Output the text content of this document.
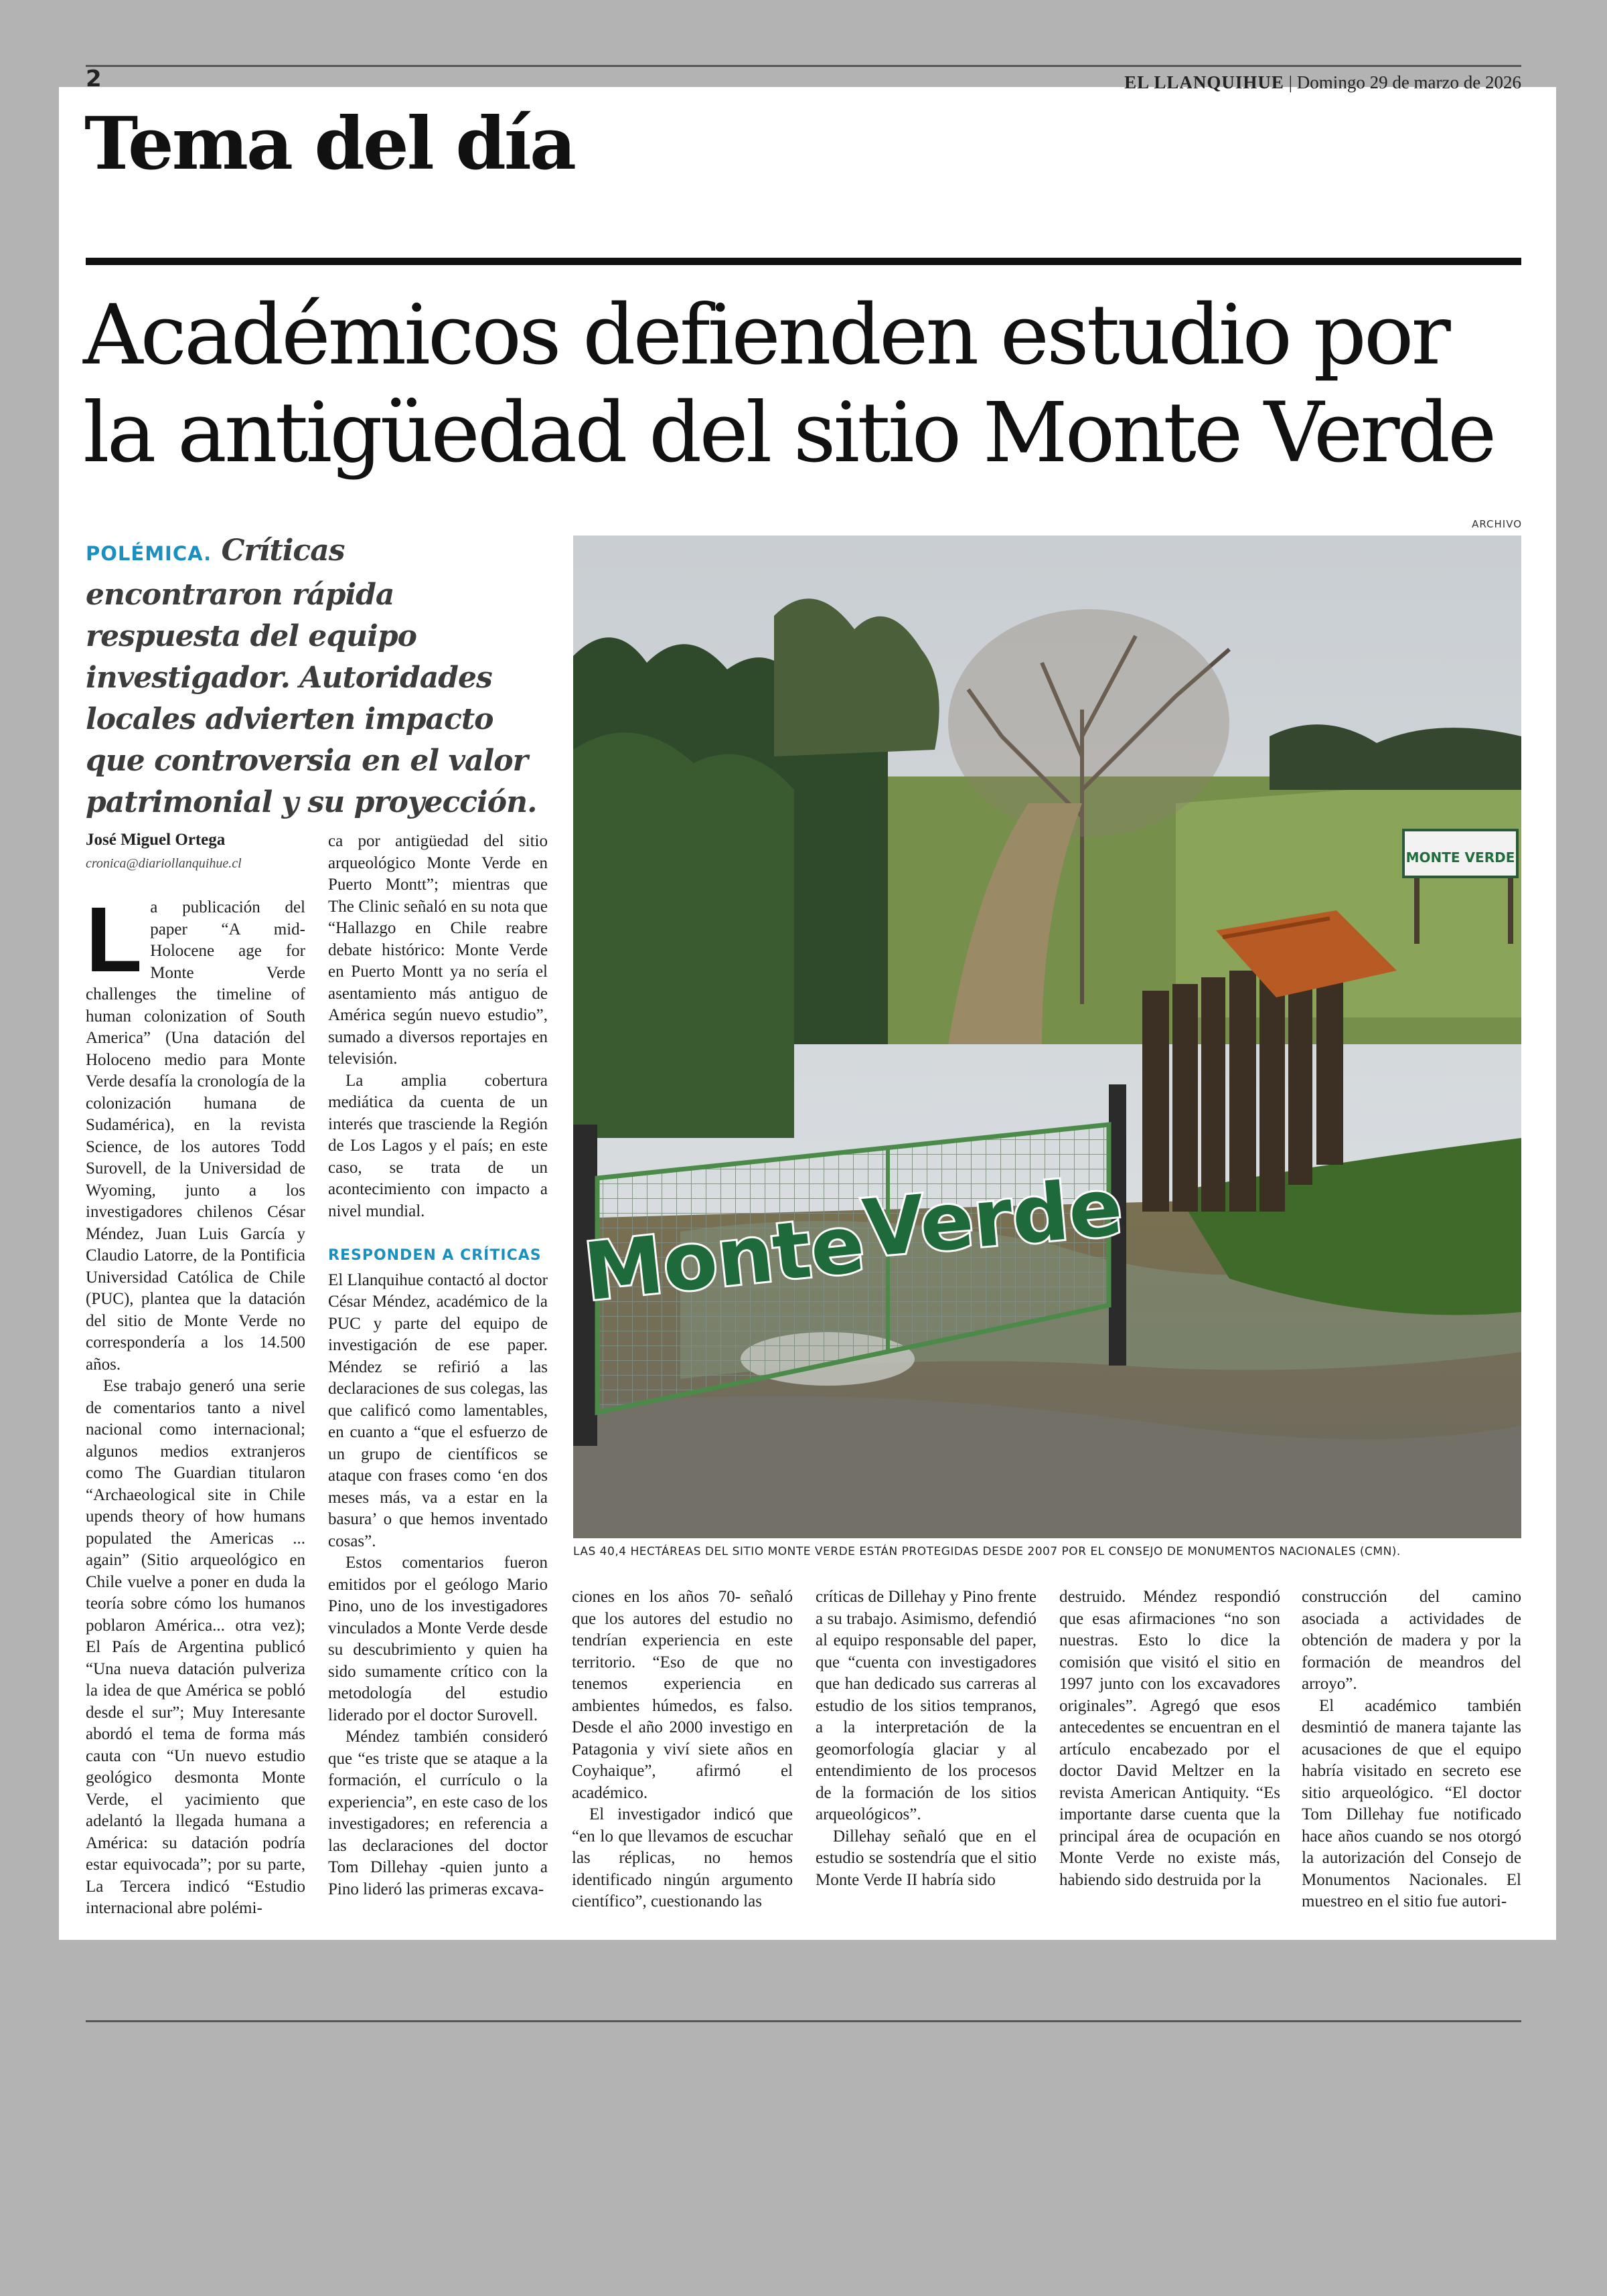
2	EL LLANQUIHUE | Domingo 29 de marzo de 2026
Tema del día
Académicos defienden estudio por
la antigüedad del sitio Monte Verde
ARCHIVO
POLÉMICA. Críticas encontraron rápida respuesta del equipo investigador. Autoridades locales advierten impacto que controversia en el valor patrimonial y su proyección.
José Miguel Ortega
cronica@diariollanquihue.cl	MONTE VERDE
Monte
Verde
LAS 40,4 HECTÁREAS DEL SITIO MONTE VERDE ESTÁN PROTEGIDAS DESDE 2007 POR EL CONSEJO DE MONUMENTOS NACIONALES (CMN).

La publicación del paper “A mid-Holocene age for Monte Verde challenges the timeline of human colonization of South America” (Una datación del Holoceno medio para Monte Verde desafía la cronología de la colonización humana de Sudamérica), en la revista Science, de los autores Todd Surovell, de la Universidad de Wyoming, junto a los investigadores chilenos César Méndez, Juan Luis García y Claudio Latorre, de la Pontificia Universidad Católica de Chile (PUC), plantea que la datación del sitio de Monte Verde no correspondería a los 14.500 años.

Ese trabajo generó una serie de comentarios tanto a nivel nacional como internacional; algunos medios extranjeros como The Guardian titularon “Archaeological site in Chile upends theory of how humans populated the Americas ... again” (Sitio arqueológico en Chile vuelve a poner en duda la teoría sobre cómo los humanos poblaron América... otra vez); El País de Argentina publicó “Una nueva datación pulveriza la idea de que América se pobló desde el sur”; Muy Interesante abordó el tema de forma más cauta con “Un nuevo estudio geológico desmonta Monte Verde, el yacimiento que adelantó la llegada humana a América: su datación podría estar equivocada”; por su parte, La Tercera indicó “Estudio internacional abre polémi-

ca por antigüedad del sitio arqueológico Monte Verde en Puerto Montt”; mientras que The Clinic señaló en su nota que “Hallazgo en Chile reabre debate histórico: Monte Verde en Puerto Montt ya no sería el asentamiento más antiguo de América según nuevo estudio”, sumado a diversos reportajes en televisión.

La amplia cobertura mediática da cuenta de un interés que trasciende la Región de Los Lagos y el país; en este caso, se trata de un acontecimiento con impacto a nivel mundial.

RESPONDEN A CRÍTICAS

El Llanquihue contactó al doctor César Méndez, académico de la PUC y parte del equipo de investigación de ese paper. Méndez se refirió a las declaraciones de sus colegas, las que calificó como lamentables, en cuanto a “que el esfuerzo de un grupo de científicos se ataque con frases como ‘en dos meses más, va a estar en la basura’ o que hemos inventado cosas”.

Estos comentarios fueron emitidos por el geólogo Mario Pino, uno de los investigadores vinculados a Monte Verde desde su descubrimiento y quien ha sido sumamente crítico con la metodología del estudio liderado por el doctor Surovell.

Méndez también consideró que “es triste que se ataque a la formación, el currículo o la experiencia”, en este caso de los investigadores; en referencia a las declaraciones del doctor Tom Dillehay -quien junto a Pino lideró las primeras excava-

ciones en los años 70- señaló que los autores del estudio no tendrían experiencia en este territorio. “Eso de que no tenemos experiencia en ambientes húmedos, es falso. Desde el año 2000 investigo en Patagonia y viví siete años en Coyhaique”, afirmó el académico.

El investigador indicó que “en lo que llevamos de escuchar las réplicas, no hemos identificado ningún argumento científico”, cuestionando las

críticas de Dillehay y Pino frente a su trabajo. Asimismo, defendió al equipo responsable del paper, que “cuenta con investigadores que han dedicado sus carreras al estudio de los sitios tempranos, a la interpretación de la geomorfología glaciar y al entendimiento de los procesos de la formación de los sitios arqueológicos”.

Dillehay señaló que en el estudio se sostendría que el sitio Monte Verde II habría sido

destruido. Méndez respondió que esas afirmaciones “no son nuestras. Esto lo dice la comisión que visitó el sitio en 1997 junto con los excavadores originales”. Agregó que esos antecedentes se encuentran en el artículo encabezado por el doctor David Meltzer en la revista American Antiquity. “Es importante darse cuenta que la principal área de ocupación en Monte Verde no existe más, habiendo sido destruida por la

construcción del camino asociada a actividades de obtención de madera y por la formación de meandros del arroyo”.

El académico también desmintió de manera tajante las acusaciones de que el equipo habría visitado en secreto ese sitio arqueológico. “El doctor Tom Dillehay fue notificado hace años cuando se nos otorgó la autorización del Consejo de Monumentos Nacionales. El muestreo en el sitio fue autori-
